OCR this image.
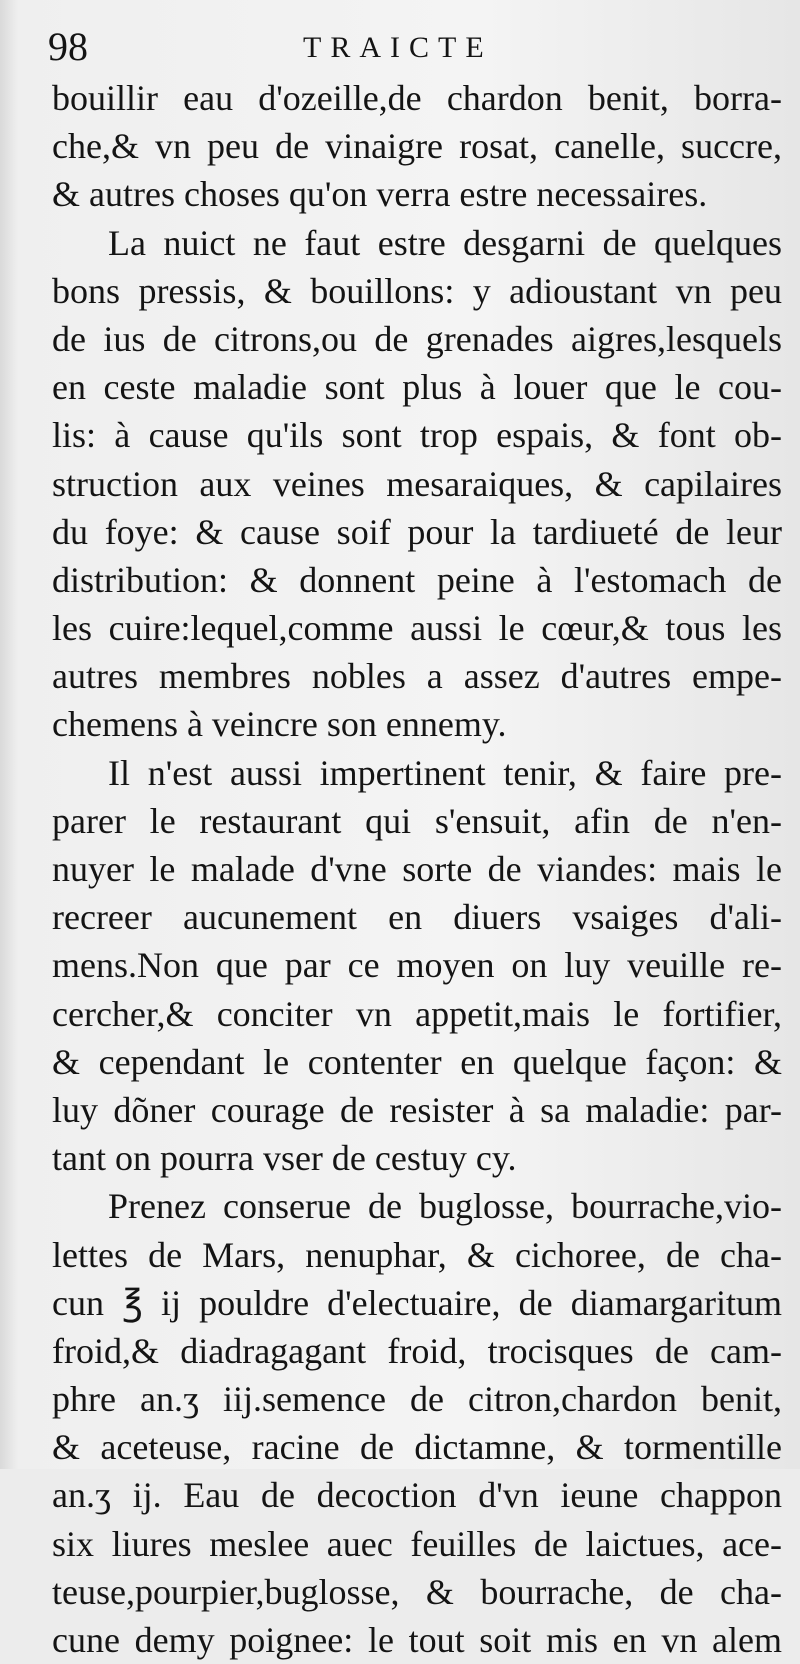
98	TRAICTE
bouillir eau d'ozeille,de chardon benit, borra-
che,& vn peu de vinaigre rosat, canelle, succre,
& autres choses qu'on verra estre necessaires.
La nuict ne faut estre desgarni de quelques
bons pressis, & bouillons: y adioustant vn peu
de ius de citrons,ou de grenades aigres,lesquels
en ceste maladie sont plus à louer que le cou-
lis: à cause qu'ils sont trop espais, & font ob-
struction aux veines mesaraiques, & capilaires
du foye: & cause soif pour la tardiueté de leur
distribution: & donnent peine à l'estomach de
les cuire:lequel,comme aussi le cœur,& tous les
autres membres nobles a assez d'autres empe-
chemens à veincre son ennemy.
Il n'est aussi impertinent tenir, & faire pre-
parer le restaurant qui s'ensuit, afin de n'en-
nuyer le malade d'vne sorte de viandes: mais le
recreer aucunement en diuers vsaiges d'ali-
mens.Non que par ce moyen on luy veuille re-
cercher,& conciter vn appetit,mais le fortifier,
& cependant le contenter en quelque façon: &
luy dõner courage de resister à sa maladie: par-
tant on pourra vser de cestuy cy.
Prenez conserue de buglosse, bourrache,vio-
lettes de Mars, nenuphar, & cichoree, de cha-
cun ℥ ij pouldre d'electuaire, de diamargaritum
froid,& diadragagant froid, trocisques de cam-
phre an.ʒ iij.semence de citron,chardon benit,
& aceteuse, racine de dictamne, & tormentille
an.ʒ ij. Eau de decoction d'vn ieune chappon
six liures meslee auec feuilles de laictues, ace-
teuse,pourpier,buglosse, & bourrache, de cha-
cune demy poignee: le tout soit mis en vn alem
